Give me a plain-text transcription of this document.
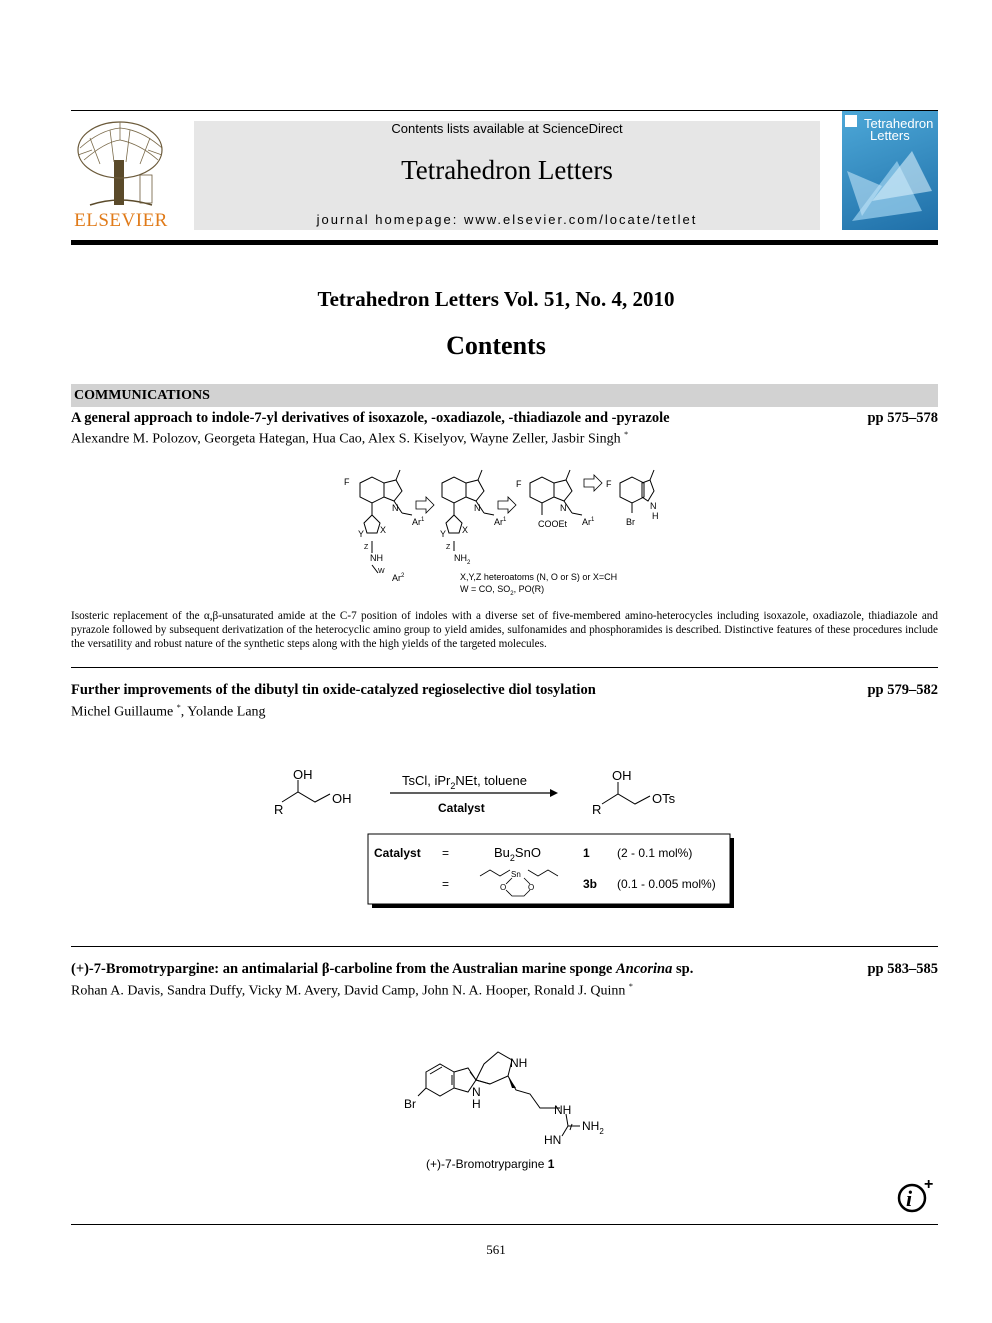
ELSEVIER
Contents lists available at ScienceDirect
Tetrahedron Letters
journal homepage: www.elsevier.com/locate/tetlet
Tetrahedron
Letters
Tetrahedron Letters Vol. 51, No. 4, 2010
Contents
COMMUNICATIONS
A general approach to indole-7-yl derivatives of isoxazole, -oxadiazole, -thiadiazole and -pyrazole	pp 575–578
Alexandre M. Polozov, Georgeta Hategan, Hua Cao, Alex S. Kiselyov, Wayne Zeller, Jasbir Singh *
F
N
Ar$^1$
X
Y
Z
NH
W
Ar$^2$
N
Ar$^1$
X
Y
Z
$NH_2$
F
N
COOEt Ar$^1$
F
N
H
Br
X,Y,Z heteroatoms (N, O or S) or X=CH
W = CO, $SO_2$, PO(R)
Isosteric replacement of the α,β-unsaturated amide at the C-7 position of indoles with a diverse set of five-membered amino-heterocycles including isoxazole, oxadiazole, thiadiazole and pyrazole followed by subsequent derivatization of the heterocyclic amino group to yield amides, sulfonamides and phosphoramides is described. Distinctive features of these procedures include the versatility and robust nature of the synthetic steps along with the high yields of the targeted molecules.
Further improvements of the dibutyl tin oxide-catalyzed regioselective diol tosylation	pp 579–582
Michel Guillaume *, Yolande Lang
OH
OH
R
TsCl, iPr$_2$NEt, toluene
Catalyst
OH
OTs
R
Catalyst =	$Bu_2SnO$	1 (2 - 0.1 mol%)
=
Sn
O	O	3b (0.1 - 0.005 mol%)
(+)-7-Bromotrypargine: an antimalarial β-carboline from the Australian marine sponge Ancorina sp.	pp 583–585
Rohan A. Davis, Sandra Duffy, Vicky M. Avery, David Camp, John N. A. Hooper, Ronald J. Quinn *
NH
Br
N
H	NH
$NH_2$
HN
(+)-7-Bromotrypargine 1
i
+
561
